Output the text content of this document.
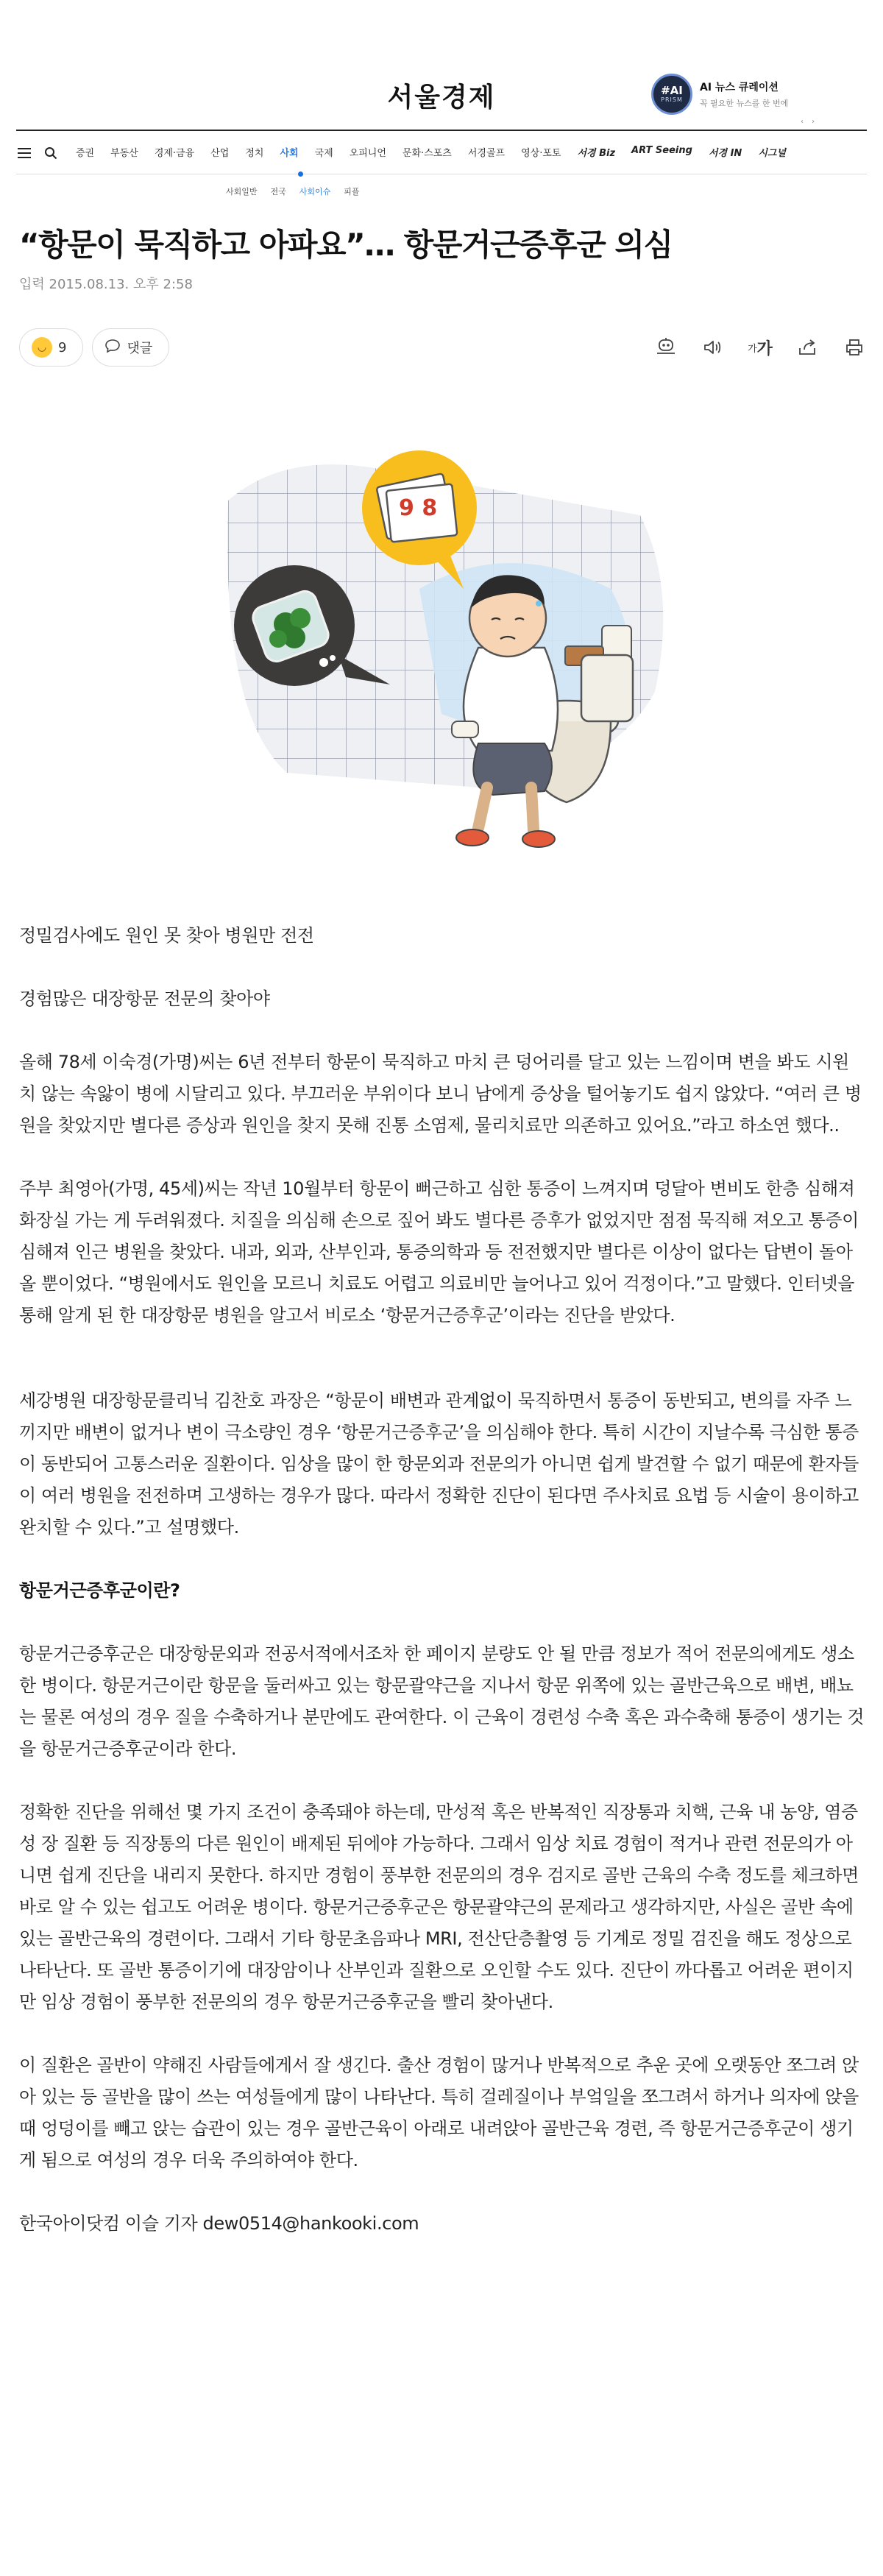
서울경제	#AI
PRISM
AI 뉴스 큐레이션
꼭 필요한 뉴스를 한 번에
‹ ›
증권 부동산 경제·금융 산업 정치 사회 국제 오피니언 문화·스포츠 서경골프 영상·포토 서경 Biz ART Seeing 서경 IN 시그널
사회일반 전국 사회이슈 피플
“항문이 묵직하고 아파요”… 항문거근증후군 의심
입력 2015.08.13. 오후 2:58
◡ 9	댓글	가 가
9 8

정밀검사에도 원인 못 찾아 병원만 전전

경험많은 대장항문 전문의 찾아야

올해 78세 이숙경(가명)씨는 6년 전부터 항문이 묵직하고 마치 큰 덩어리를 달고 있는 느낌이며 변을 봐도 시원치 않는 속앓이 병에 시달리고 있다. 부끄러운 부위이다 보니 남에게 증상을 털어놓기도 쉽지 않았다. “여러 큰 병원을 찾았지만 별다른 증상과 원인을 찾지 못해 진통 소염제, 물리치료만 의존하고 있어요.”라고 하소연 했다..

주부 최영아(가명, 45세)씨는 작년 10월부터 항문이 뻐근하고 심한 통증이 느껴지며 덩달아 변비도 한층 심해져 화장실 가는 게 두려워졌다. 치질을 의심해 손으로 짚어 봐도 별다른 증후가 없었지만 점점 묵직해 져오고 통증이 심해져 인근 병원을 찾았다. 내과, 외과, 산부인과, 통증의학과 등 전전했지만 별다른 이상이 없다는 답변이 돌아올 뿐이었다. “병원에서도 원인을 모르니 치료도 어렵고 의료비만 늘어나고 있어 걱정이다.”고 말했다. 인터넷을 통해 알게 된 한 대장항문 병원을 알고서 비로소 ‘항문거근증후군’이라는 진단을 받았다.

세강병원 대장항문클리닉 김찬호 과장은 “항문이 배변과 관계없이 묵직하면서 통증이 동반되고, 변의를 자주 느끼지만 배변이 없거나 변이 극소량인 경우 ‘항문거근증후군’을 의심해야 한다. 특히 시간이 지날수록 극심한 통증이 동반되어 고통스러운 질환이다. 임상을 많이 한 항문외과 전문의가 아니면 쉽게 발견할 수 없기 때문에 환자들이 여러 병원을 전전하며 고생하는 경우가 많다. 따라서 정확한 진단이 된다면 주사치료 요법 등 시술이 용이하고 완치할 수 있다.”고 설명했다.

항문거근증후군이란?

항문거근증후군은 대장항문외과 전공서적에서조차 한 페이지 분량도 안 될 만큼 정보가 적어 전문의에게도 생소한 병이다. 항문거근이란 항문을 둘러싸고 있는 항문괄약근을 지나서 항문 위쪽에 있는 골반근육으로 배변, 배뇨는 물론 여성의 경우 질을 수축하거나 분만에도 관여한다. 이 근육이 경련성 수축 혹은 과수축해 통증이 생기는 것을 항문거근증후군이라 한다.

정확한 진단을 위해선 몇 가지 조건이 충족돼야 하는데, 만성적 혹은 반복적인 직장통과 치핵, 근육 내 농양, 염증성 장 질환 등 직장통의 다른 원인이 배제된 뒤에야 가능하다. 그래서 임상 치료 경험이 적거나 관련 전문의가 아니면 쉽게 진단을 내리지 못한다. 하지만 경험이 풍부한 전문의의 경우 검지로 골반 근육의 수축 정도를 체크하면 바로 알 수 있는 쉽고도 어려운 병이다. 항문거근증후군은 항문괄약근의 문제라고 생각하지만, 사실은 골반 속에 있는 골반근육의 경련이다. 그래서 기타 항문초음파나 MRI, 전산단층촬영 등 기계로 정밀 검진을 해도 정상으로 나타난다. 또 골반 통증이기에 대장암이나 산부인과 질환으로 오인할 수도 있다. 진단이 까다롭고 어려운 편이지만 임상 경험이 풍부한 전문의의 경우 항문거근증후군을 빨리 찾아낸다.

이 질환은 골반이 약해진 사람들에게서 잘 생긴다. 출산 경험이 많거나 반복적으로 추운 곳에 오랫동안 쪼그려 앉아 있는 등 골반을 많이 쓰는 여성들에게 많이 나타난다. 특히 걸레질이나 부엌일을 쪼그려서 하거나 의자에 앉을 때 엉덩이를 빼고 앉는 습관이 있는 경우 골반근육이 아래로 내려앉아 골반근육 경련, 즉 항문거근증후군이 생기게 됨으로 여성의 경우 더욱 주의하여야 한다.

한국아이닷컴 이슬 기자 dew0514@hankooki.com
